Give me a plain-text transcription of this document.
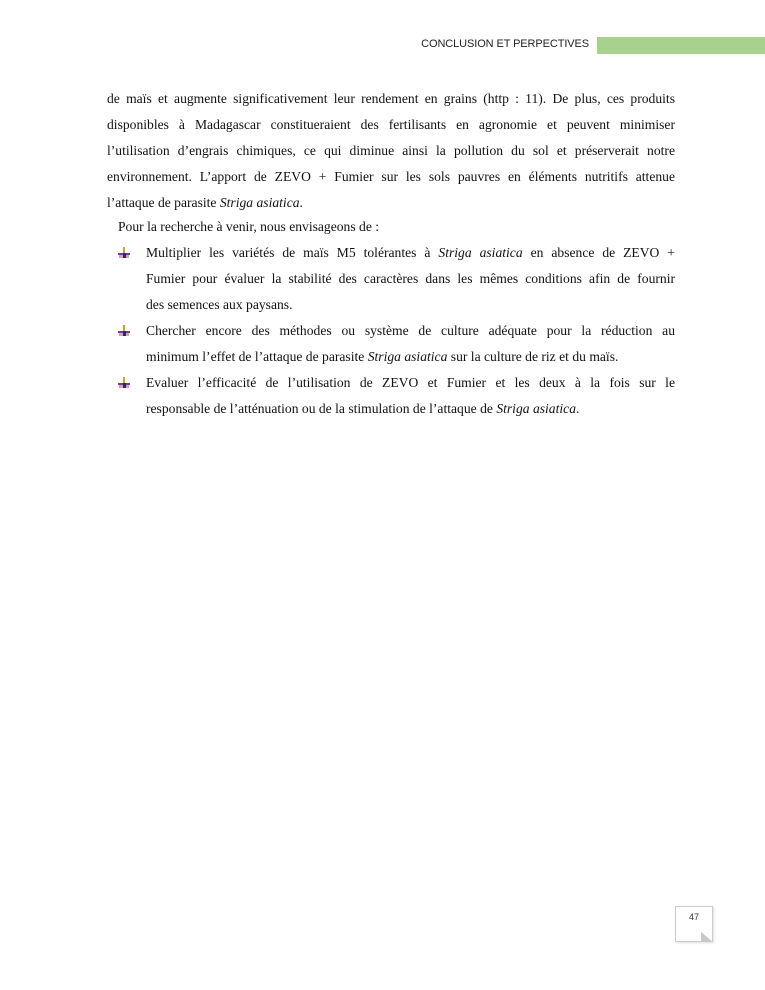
CONCLUSION ET PERPECTIVES
de maïs et augmente significativement leur rendement en grains (http : 11). De plus, ces produits
disponibles à Madagascar constitueraient des fertilisants en agronomie et peuvent minimiser
l’utilisation d’engrais chimiques, ce qui diminue ainsi la pollution du sol et préserverait notre
environnement. L’apport de ZEVO + Fumier sur les sols pauvres en éléments nutritifs attenue
l’attaque de parasite Striga asiatica.
Pour la recherche à venir, nous envisageons de :
Multiplier les variétés de maïs M5 tolérantes à Striga asiatica en absence de ZEVO +
Fumier pour évaluer la stabilité des caractères dans les mêmes conditions afin de fournir
des semences aux paysans.
Chercher encore des méthodes ou système de culture adéquate pour la réduction au
minimum l’effet de l’attaque de parasite Striga asiatica sur la culture de riz et du maïs.
Evaluer l’efficacité de l’utilisation de ZEVO et Fumier et les deux à la fois sur le
responsable de l’atténuation ou de la stimulation de l’attaque de Striga asiatica.
47
